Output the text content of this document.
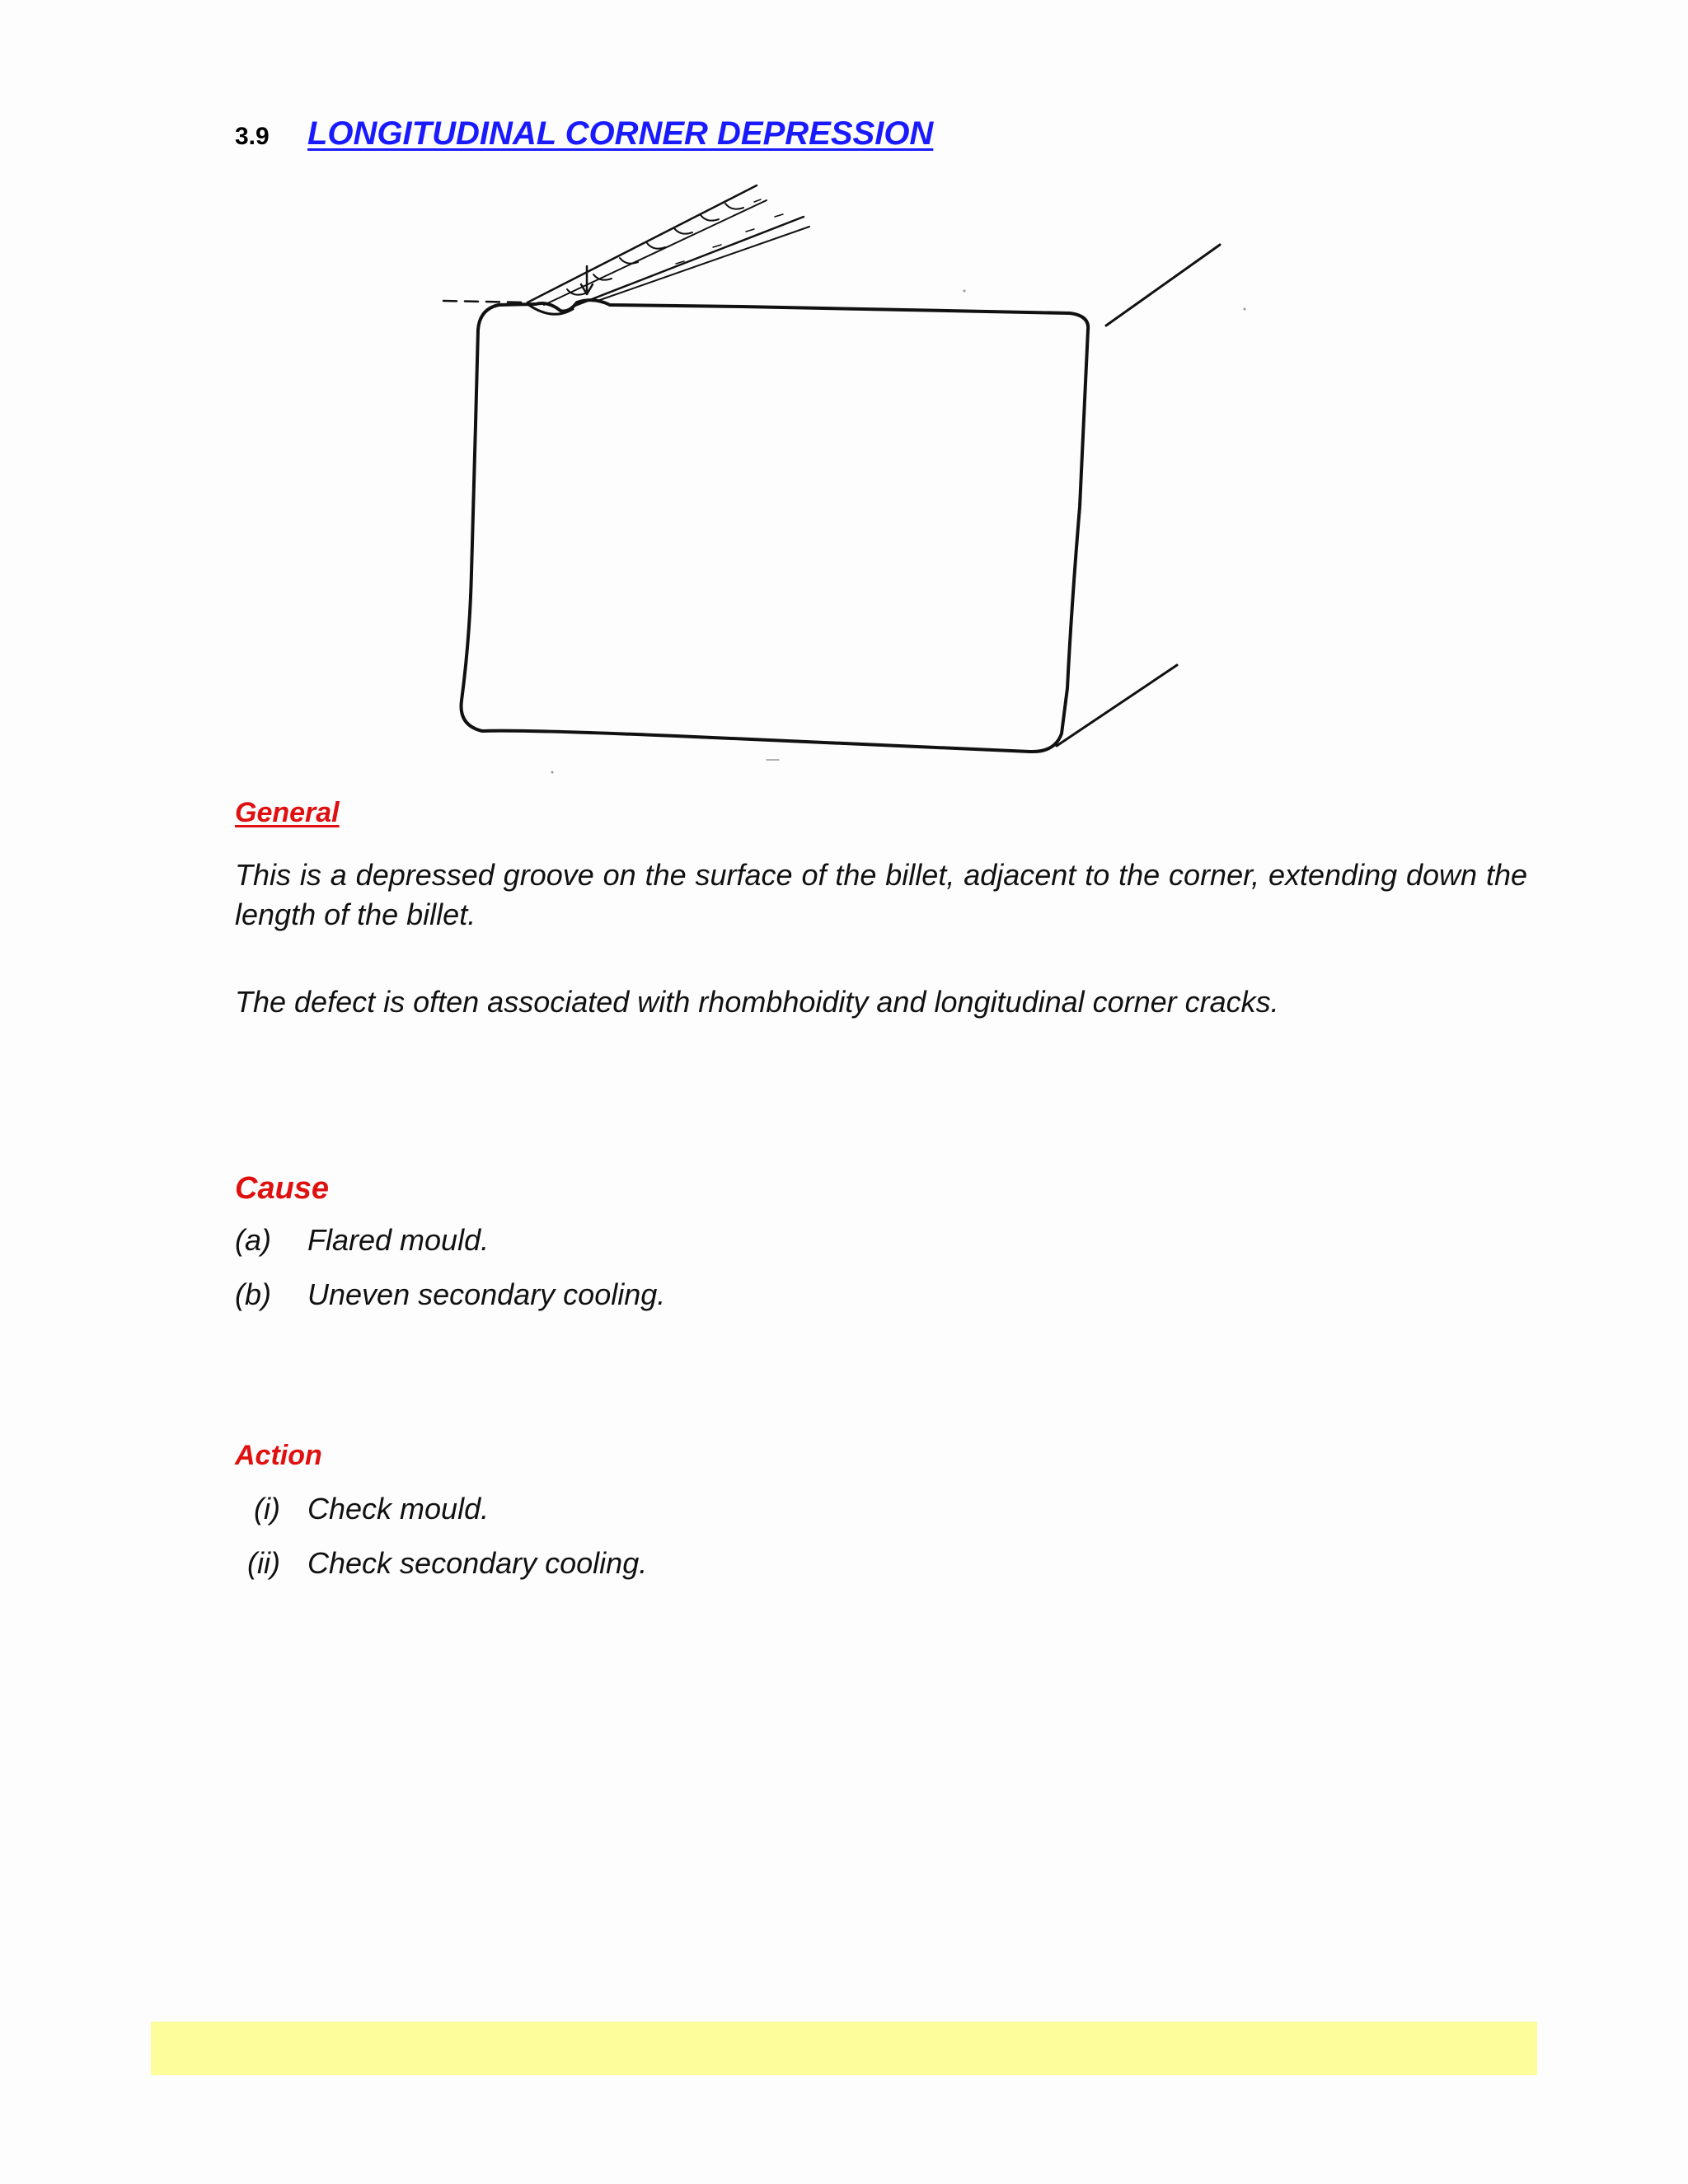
3.9	LONGITUDINAL CORNER DEPRESSION
General

This is a depressed groove on the surface of the billet, adjacent to the corner, extending down the length of the billet.

The defect is often associated with rhombhoidity and longitudinal corner cracks.

Cause
(a)	Flared mould.
(b)	Uneven secondary cooling.
Action
(i) Check mould.
(ii) Check secondary cooling.
